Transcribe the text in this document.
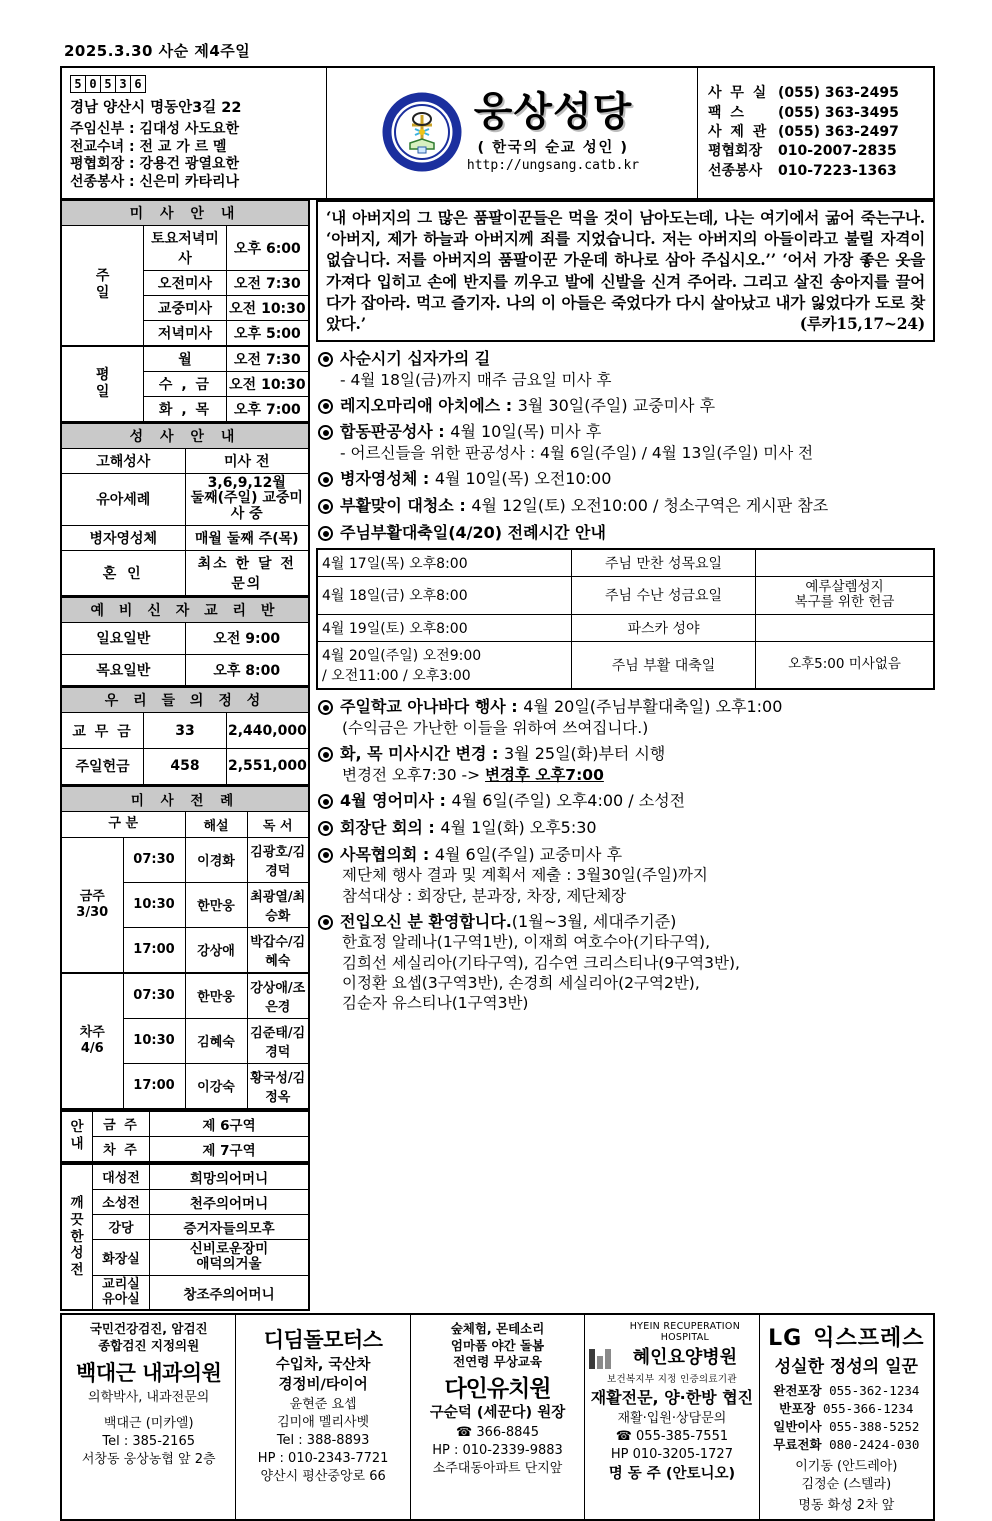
2025.3.30 사순 제4주일
5 0 5 3 6
경남 양산시 명동안3길 22
주임신부 : 김대성 사도요한
전교수녀 : 전 교 가 르 멜
평협회장 : 강용건 광열요한
선종봉사 : 신은미 카타리나

웅상성당
( 한국의 순교 성인 )
http://ungsang.catb.kr

사 무 실 (055) 363-2495
팩 스 (055) 363-3495
사 제 관 (055) 363-2497
평협회장 010-2007-2835
선종봉사 010-7223-1363
미 사 안 내		
주
일	토요저녁미사	오후 6:00
	오전미사	오전 7:30
	교중미사	오전 10:30
	저녁미사	오후 5:00
평
일	월	오전 7:30
	수 , 금	오전 10:30
	화 , 목	오후 7:00
성 사 안 내	
고해성사	미사 전
유아세례	3,6,9,12월
둘째(주일) 교중미사 중
병자영성체	매월 둘째 주(목)
혼 인	최소 한 달 전 문의
예 비 신 자 교 리 반	
일요일반	오전 9:00
목요일반	오후 8:00
우 리 들 의 정 성		
교 무 금	33	2,440,000
주일헌금	458	2,551,000
미 사 전 례			
구 분		해설	독 서
금주
3/30	07:30	이경화	김광호/김경덕
	10:30	한만웅	최광열/최승화
	17:00	강상애	박갑수/김혜숙
차주
4/6	07:30	한만웅	강상애/조은경
	10:30	김혜숙	김준태/김경덕
	17:00	이강숙	황국성/김정옥
안
내	금 주	제 6구역
	차 주	제 7구역
깨
끗
한
성
전	대성전	희망의어머니
	소성전	천주의어머니
	강당	증거자들의모후
	화장실	신비로운장미
애덕의거울
	교리실
유아실	창조주의어머니
‘내 아버지의 그 많은 품팔이꾼들은 먹을 것이 남아도는데, 나는 여기에서 굶어 죽는구나. ‘아버지, 제가 하늘과 아버지께 죄를 지었습니다. 저는 아버지의 아들이라고 불릴 자격이 없습니다. 저를 아버지의 품팔이꾼 가운데 하나로 삼아 주십시오.’’ ‘어서 가장 좋은 옷을 가져다 입히고 손에 반지를 끼우고 발에 신발을 신겨 주어라. 그리고 살진 송아지를 끌어다가 잡아라. 먹고 즐기자. 나의 이 아들은 죽었다가 다시 살아났고 내가 잃었다가 도로 찾았다.’	(루카15,17~24)
사순시기 십자가의 길
- 4월 18일(금)까지 매주 금요일 미사 후
레지오마리애 아치에스 : 3월 30일(주일) 교중미사 후
합동판공성사 : 4월 10일(목) 미사 후
- 어르신들을 위한 판공성사 : 4월 6일(주일) / 4월 13일(주일) 미사 전
병자영성체 : 4월 10일(목) 오전10:00
부활맞이 대청소 : 4월 12일(토) 오전10:00 / 청소구역은 게시판 참조
주님부활대축일(4/20) 전례시간 안내
4월 17일(목) 오후8:00	주님 만찬 성목요일	
4월 18일(금) 오후8:00	주님 수난 성금요일	예루살렘성지
복구를 위한 헌금
4월 19일(토) 오후8:00	파스카 성야	
4월 20일(주일) 오전9:00
/ 오전11:00 / 오후3:00	주님 부활 대축일	오후5:00 미사없음
주일학교 아나바다 행사 : 4월 20일(주님부활대축일) 오후1:00
(수익금은 가난한 이들을 위하여 쓰여집니다.)
화, 목 미사시간 변경 : 3월 25일(화)부터 시행
변경전 오후7:30 -> 변경후 오후7:00
4월 영어미사 : 4월 6일(주일) 오후4:00 / 소성전
회장단 회의 : 4월 1일(화) 오후5:30
사목협의회 : 4월 6일(주일) 교중미사 후
제단체 행사 결과 및 계획서 제출 : 3월30일(주일)까지
참석대상 : 회장단, 분과장, 차장, 제단체장
전입오신 분 환영합니다.(1월~3월, 세대주기준)
한효정 알레나(1구역1반), 이재희 여호수아(기타구역),
김희선 세실리아(기타구역), 김수연 크리스티나(9구역3반),
이정환 요셉(3구역3반), 손경희 세실리아(2구역2반),
김순자 유스티나(1구역3반)
국민건강검진, 암검진
종합검진 지정의원
백대근 내과의원
의학박사, 내과전문의
백대근 (미카엘)
Tel : 385-2165
서창동 웅상농협 앞 2층
디딤돌모터스
수입차, 국산차
경정비/타이어
윤현준 요셉
김미애 멜리사벳
Tel : 388-8893
HP : 010-2343-7721
양산시 평산중앙로 66
숲체험, 몬테소리
엄마품 야간 돌봄
전연령 무상교육
다인유치원
구순덕 (세꾼다) 원장
☎ 366-8845
HP : 010-2339-9883
소주대동아파트 단지앞
HYEIN RECUPERATION HOSPITAL
혜인요양병원
보건복지부 지정 인증의료기관
재활전문, 양·한방 협진
재활·입원·상담문의
☎ 055-385-7551
HP 010-3205-1727
명 동 주 (안토니오)
LG 익스프레스
성실한 정성의 일꾼
완전포장 055-362-1234
반포장 055-366-1234
일반이사 055-388-5252
무료전화 080-2424-030
이기동 (안드레아)
김정순 (스텔라)
명동 화성 2차 앞
